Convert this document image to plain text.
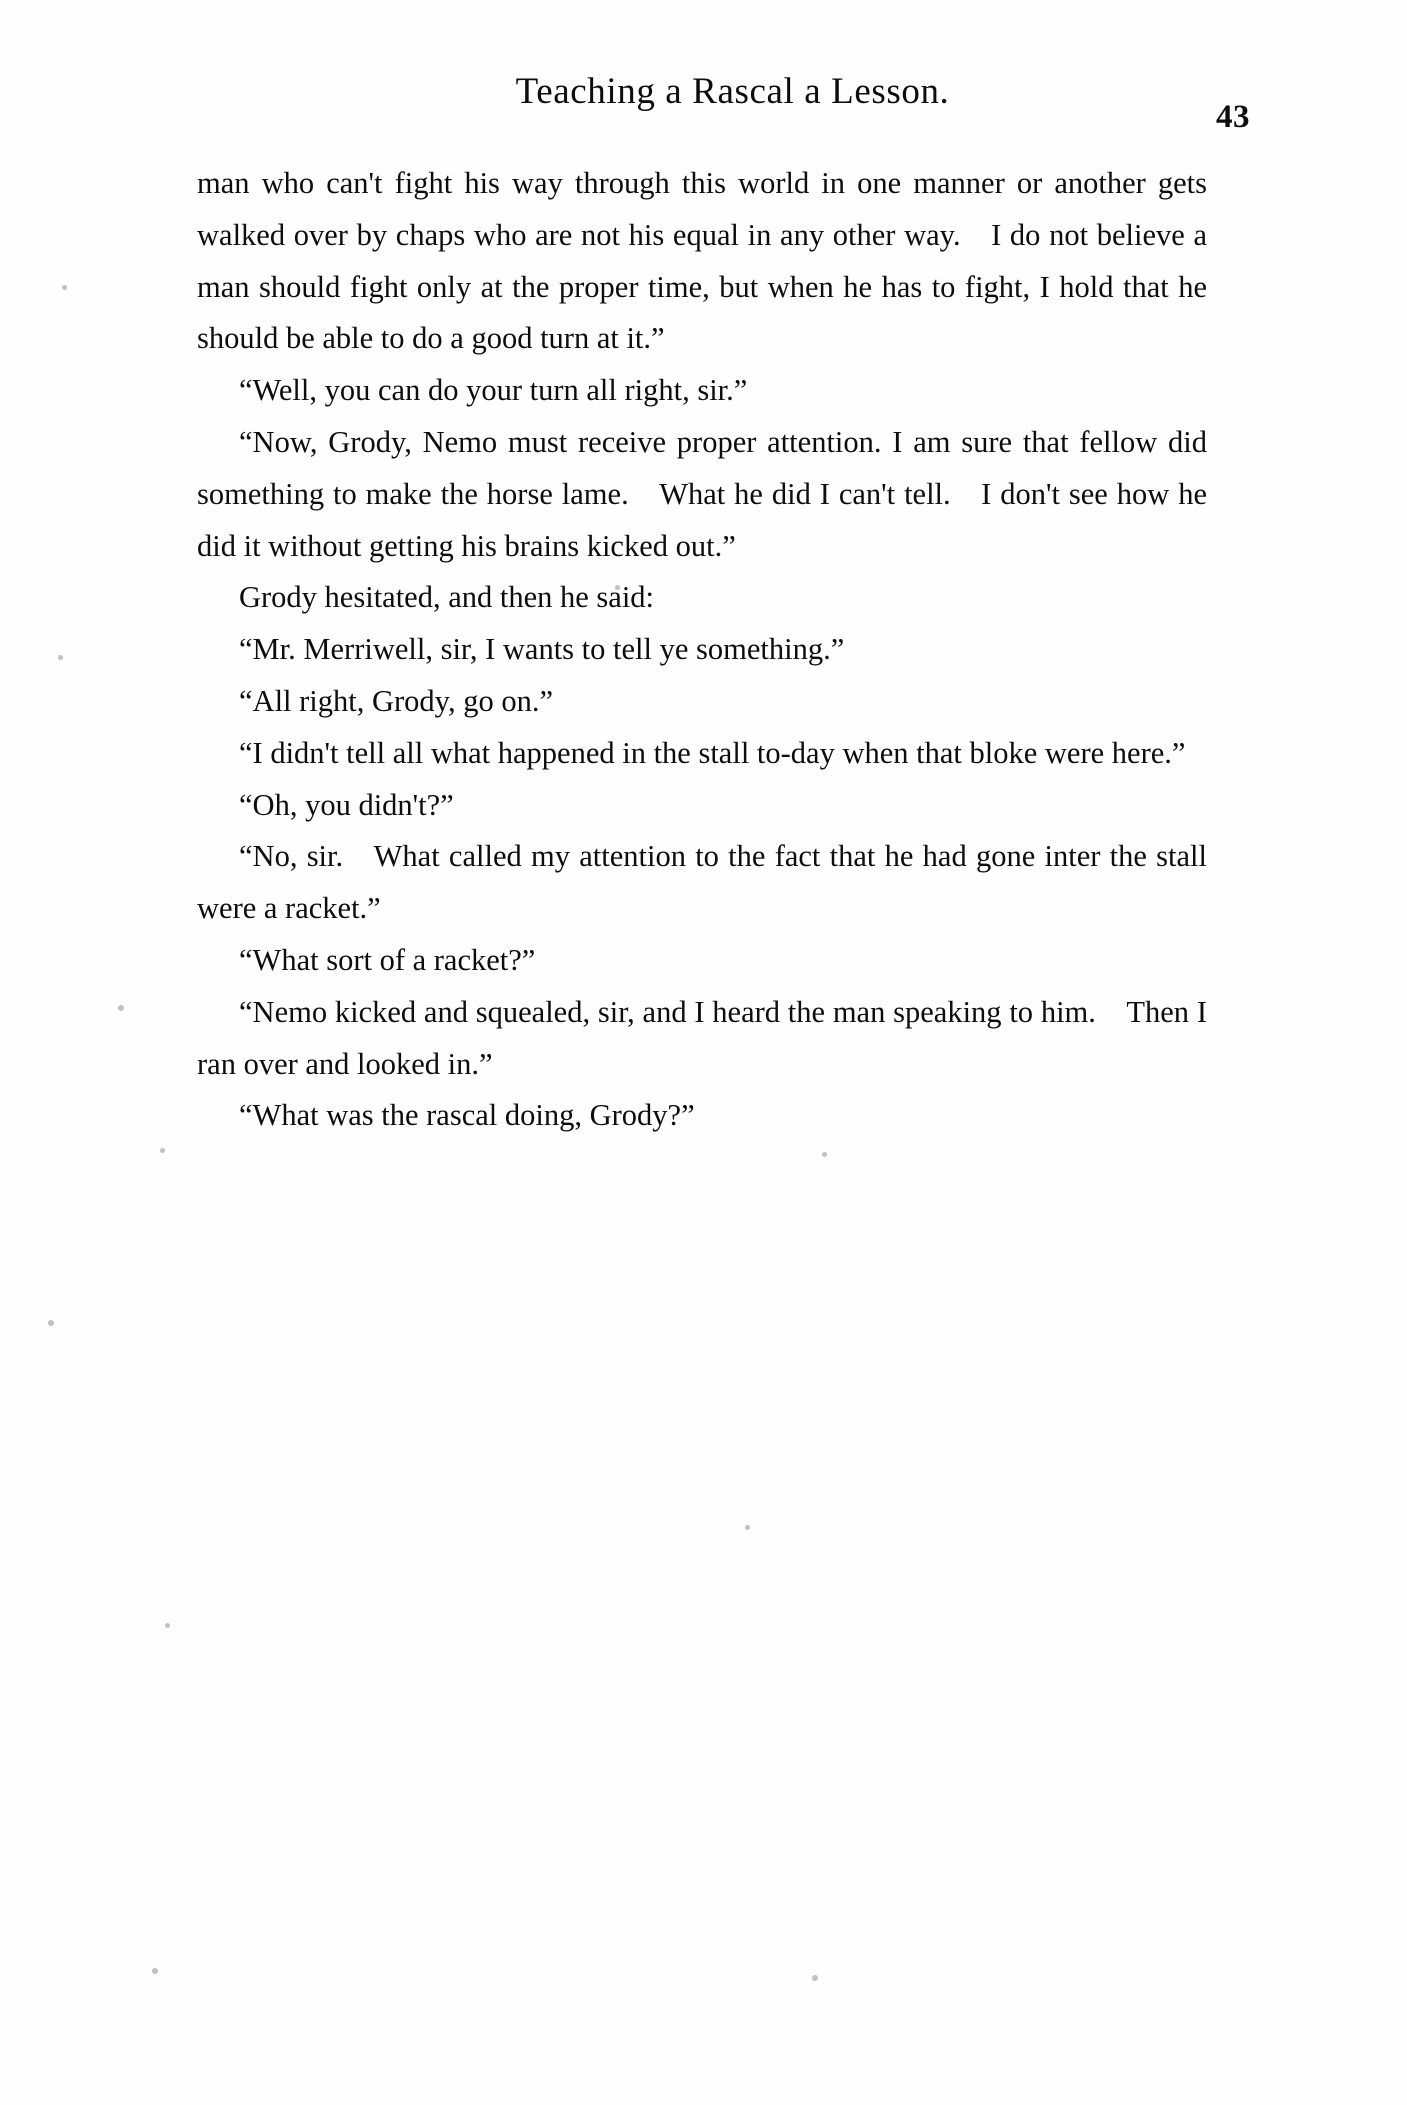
Teaching a Rascal a Lesson.
43

man who can't fight his way through this world in one manner or another gets walked over by chaps who are not his equal in any other way. I do not believe a man should fight only at the proper time, but when he has to fight, I hold that he should be able to do a good turn at it.”

“Well, you can do your turn all right, sir.”

“Now, Grody, Nemo must receive proper attention. I am sure that fellow did something to make the horse lame. What he did I can't tell. I don't see how he did it without getting his brains kicked out.”

Grody hesitated, and then he said:

“Mr. Merriwell, sir, I wants to tell ye something.”

“All right, Grody, go on.”

“I didn't tell all what happened in the stall to-day when that bloke were here.”

“Oh, you didn't?”

“No, sir. What called my attention to the fact that he had gone inter the stall were a racket.”

“What sort of a racket?”

“Nemo kicked and squealed, sir, and I heard the man speaking to him. Then I ran over and looked in.”

“What was the rascal doing, Grody?”
